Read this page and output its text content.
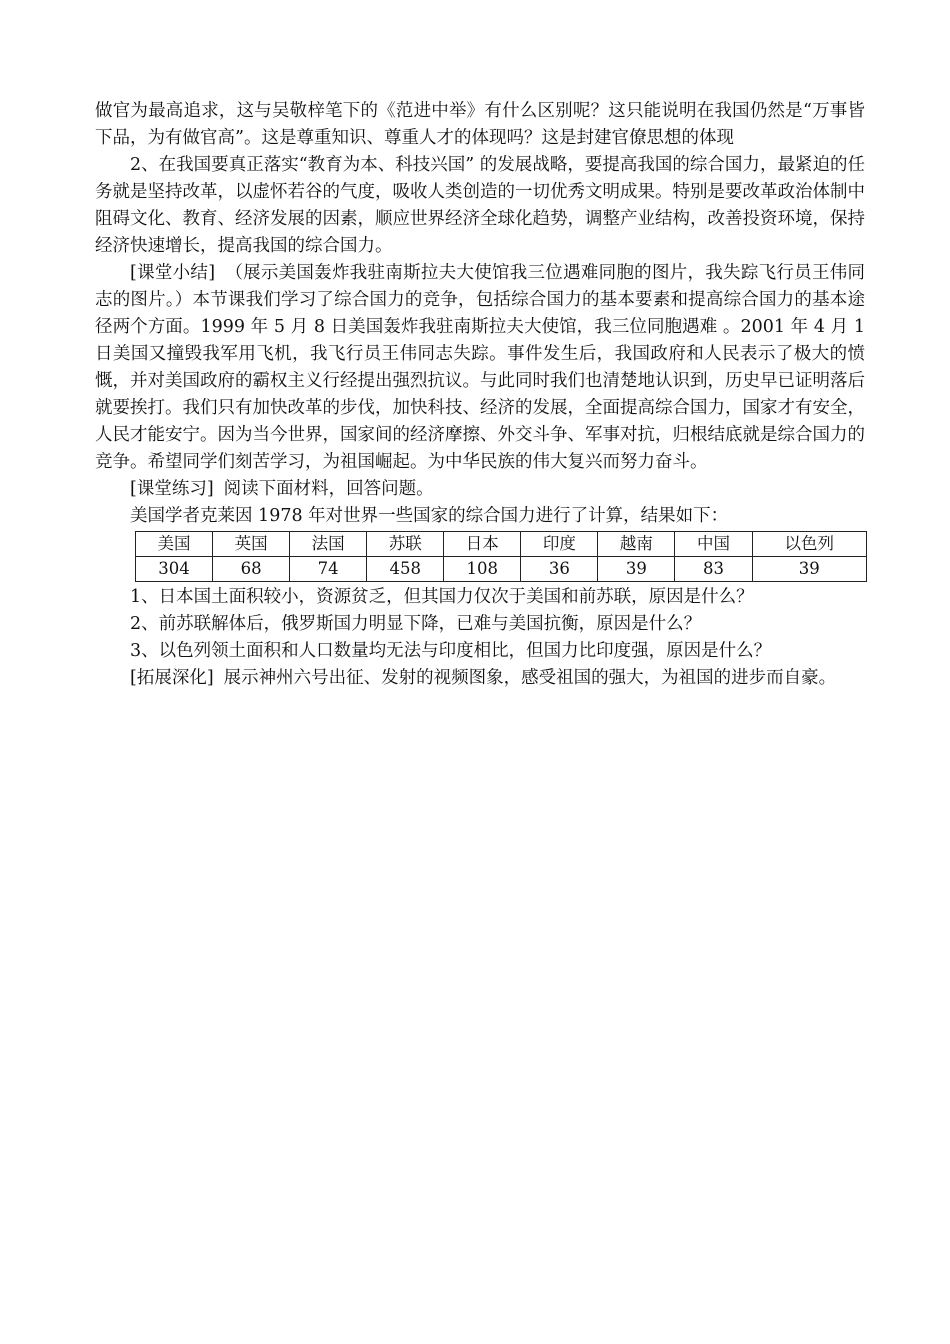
做官为最高追求，这与吴敬梓笔下的《范进中举》有什么区别呢？这只能说明在我国仍然是“万事皆下品，为有做官高”。这是尊重知识、尊重人才的体现吗？这是封建官僚思想的体现

2、在我国要真正落实“教育为本、科技兴国” 的发展战略，要提高我国的综合国力，最紧迫的任务就是坚持改革，以虚怀若谷的气度，吸收人类创造的一切优秀文明成果。特别是要改革政治体制中阻碍文化、教育、经济发展的因素，顺应世界经济全球化趋势，调整产业结构，改善投资环境，保持经济快速增长，提高我国的综合国力。

[课堂小结] （展示美国轰炸我驻南斯拉夫大使馆我三位遇难同胞的图片，我失踪飞行员王伟同志的图片。）本节课我们学习了综合国力的竞争，包括综合国力的基本要素和提高综合国力的基本途径两个方面。1999 年 5 月 8 日美国轰炸我驻南斯拉夫大使馆，我三位同胞遇难 。2001 年 4 月 1 日美国又撞毁我军用飞机，我飞行员王伟同志失踪。事件发生后，我国政府和人民表示了极大的愤慨，并对美国政府的霸权主义行经提出强烈抗议。与此同时我们也清楚地认识到，历史早已证明落后就要挨打。我们只有加快改革的步伐，加快科技、经济的发展，全面提高综合国力，国家才有安全，人民才能安宁。因为当今世界，国家间的经济摩擦、外交斗争、军事对抗，归根结底就是综合国力的竞争。希望同学们刻苦学习，为祖国崛起。为中华民族的伟大复兴而努力奋斗。

[课堂练习] 阅读下面材料，回答问题。

美国学者克莱因 1978 年对世界一些国家的综合国力进行了计算，结果如下：

美国	英国	法国	苏联	日本	印度	越南	中国	以色列
304	68	74	458	108	36	39	83	39

1、日本国土面积较小，资源贫乏，但其国力仅次于美国和前苏联，原因是什么？

2、前苏联解体后，俄罗斯国力明显下降，已难与美国抗衡，原因是什么？

3、以色列领土面积和人口数量均无法与印度相比，但国力比印度强，原因是什么？

[拓展深化] 展示神州六号出征、发射的视频图象，感受祖国的强大，为祖国的进步而自豪。
